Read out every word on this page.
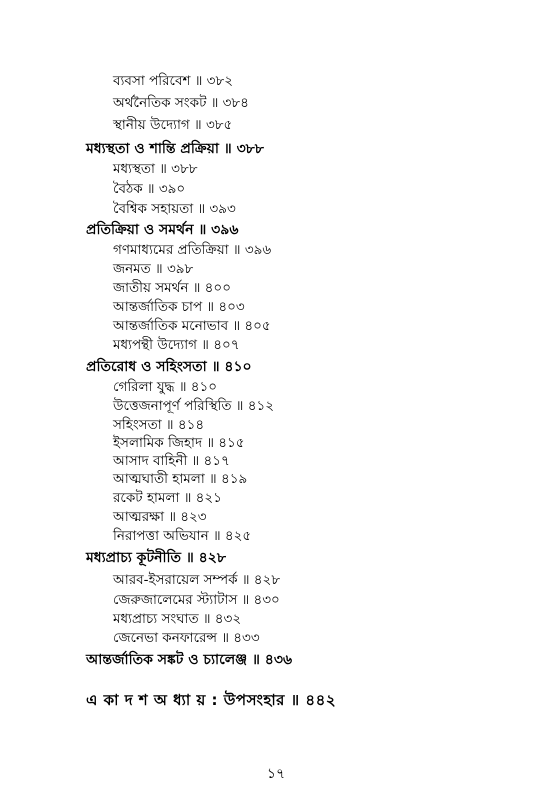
ব্যবসা পরিবেশ ॥ ৩৮২
অর্থনৈতিক সংকট ॥ ৩৮৪
স্থানীয় উদ্যোগ ॥ ৩৮৫
মধ্যস্থতা ও শান্তি প্রক্রিয়া ॥ ৩৮৮
মধ্যস্থতা ॥ ৩৮৮
বৈঠক ॥ ৩৯০
বৈশ্বিক সহায়তা ॥ ৩৯৩
প্রতিক্রিয়া ও সমর্থন ॥ ৩৯৬
গণমাধ্যমের প্রতিক্রিয়া ॥ ৩৯৬
জনমত ॥ ৩৯৮
জাতীয় সমর্থন ॥ ৪০০
আন্তর্জাতিক চাপ ॥ ৪০৩
আন্তর্জাতিক মনোভাব ॥ ৪০৫
মধ্যপন্থী উদ্যোগ ॥ ৪০৭
প্রতিরোধ ও সহিংসতা ॥ ৪১০
গেরিলা যুদ্ধ ॥ ৪১০
উত্তেজনাপূর্ণ পরিস্থিতি ॥ ৪১২
সহিংসতা ॥ ৪১৪
ইসলামিক জিহাদ ॥ ৪১৫
আসাদ বাহিনী ॥ ৪১৭
আত্মঘাতী হামলা ॥ ৪১৯
রকেট হামলা ॥ ৪২১
আত্মরক্ষা ॥ ৪২৩
নিরাপত্তা অভিযান ॥ ৪২৫
মধ্যপ্রাচ্য কূটনীতি ॥ ৪২৮
আরব-ইসরায়েল সম্পর্ক ॥ ৪২৮
জেরুজালেমের স্ট্যাটাস ॥ ৪৩০
মধ্যপ্রাচ্য সংঘাত ॥ ৪৩২
জেনেভা কনফারেন্স ॥ ৪৩৩
আন্তর্জাতিক সঙ্কট ও চ্যালেঞ্জ ॥ ৪৩৬
এ কা দ শ অ ধ্যা য় : উপসংহার ॥ ৪৪২
১৭
